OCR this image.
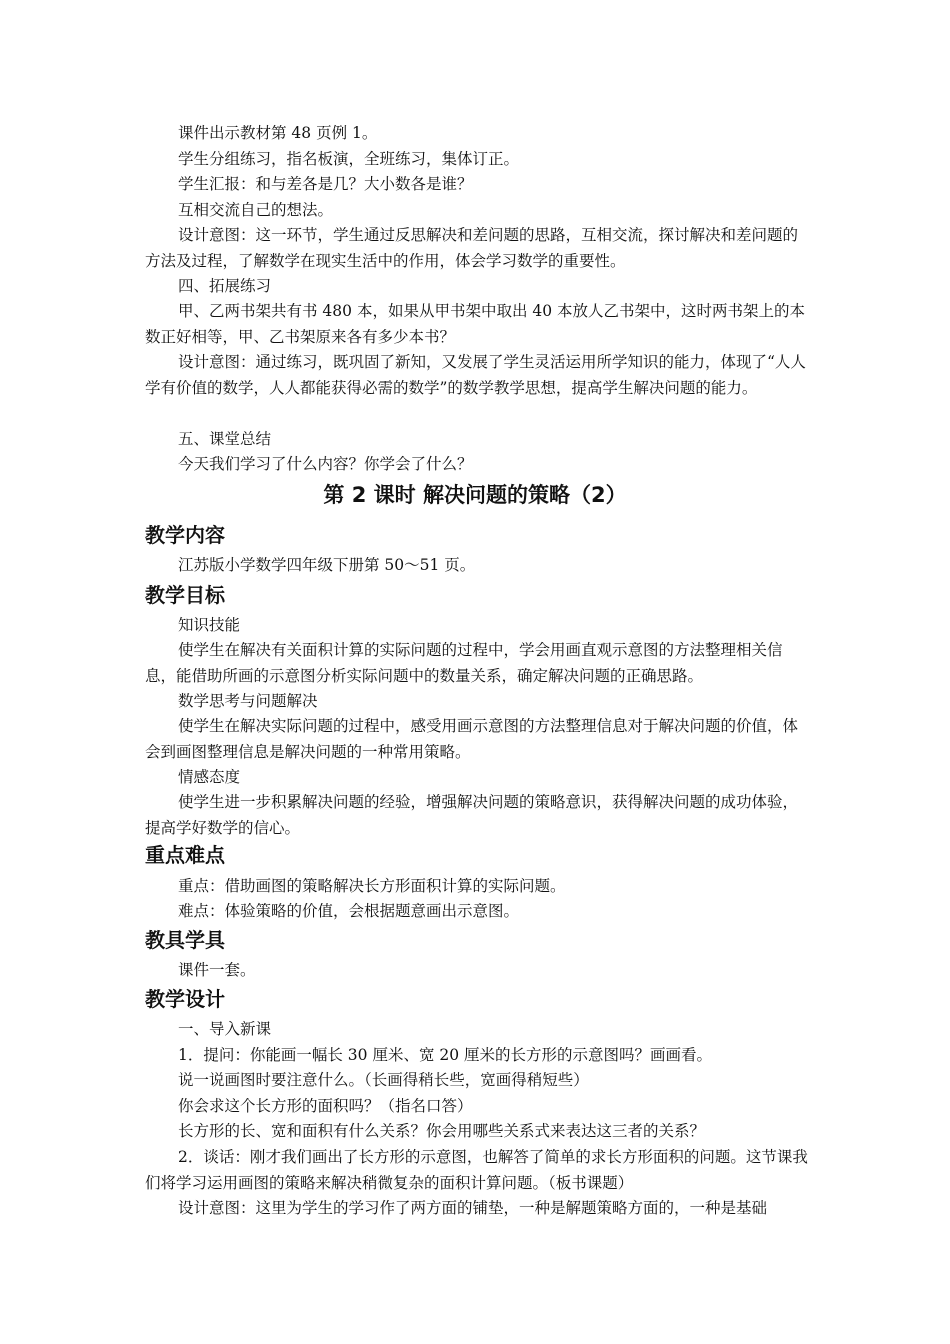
课件出示教材第 48 页例 1。
学生分组练习，指名板演，全班练习，集体订正。
学生汇报：和与差各是几？大小数各是谁？
互相交流自己的想法。

设计意图：这一环节，学生通过反思解决和差问题的思路，互相交流，探讨解决和差问题的方法及过程，了解数学在现实生活中的作用，体会学习数学的重要性。

四、拓展练习

甲、乙两书架共有书 480 本，如果从甲书架中取出 40 本放人乙书架中，这时两书架上的本数正好相等，甲、乙书架原来各有多少本书？

设计意图：通过练习，既巩固了新知，又发展了学生灵活运用所学知识的能力，体现了“人人学有价值的数学，人人都能获得必需的数学”的数学教学思想，提高学生解决问题的能力。

五、课堂总结
今天我们学习了什么内容？你学会了什么？
第 2 课时 解决问题的策略（2）
教学内容
江苏版小学数学四年级下册第 50～51 页。
教学目标
知识技能

使学生在解决有关面积计算的实际问题的过程中，学会用画直观示意图的方法整理相关信息，能借助所画的示意图分析实际问题中的数量关系，确定解决问题的正确思路。

数学思考与问题解决

使学生在解决实际问题的过程中，感受用画示意图的方法整理信息对于解决问题的价值，体会到画图整理信息是解决问题的一种常用策略。

情感态度

使学生进一步积累解决问题的经验，增强解决问题的策略意识，获得解决问题的成功体验，提高学好数学的信心。

重点难点
重点：借助画图的策略解决长方形面积计算的实际问题。
难点：体验策略的价值，会根据题意画出示意图。
教具学具
课件一套。
教学设计
一、导入新课
1．提问：你能画一幅长 30 厘米、宽 20 厘米的长方形的示意图吗？画画看。
说一说画图时要注意什么。（长画得稍长些，宽画得稍短些）
你会求这个长方形的面积吗？（指名口答）
长方形的长、宽和面积有什么关系？你会用哪些关系式来表达这三者的关系？

2．谈话：刚才我们画出了长方形的示意图，也解答了简单的求长方形面积的问题。这节课我们将学习运用画图的策略来解决稍微复杂的面积计算问题。（板书课题）

设计意图：这里为学生的学习作了两方面的铺垫，一种是解题策略方面的，一种是基础
